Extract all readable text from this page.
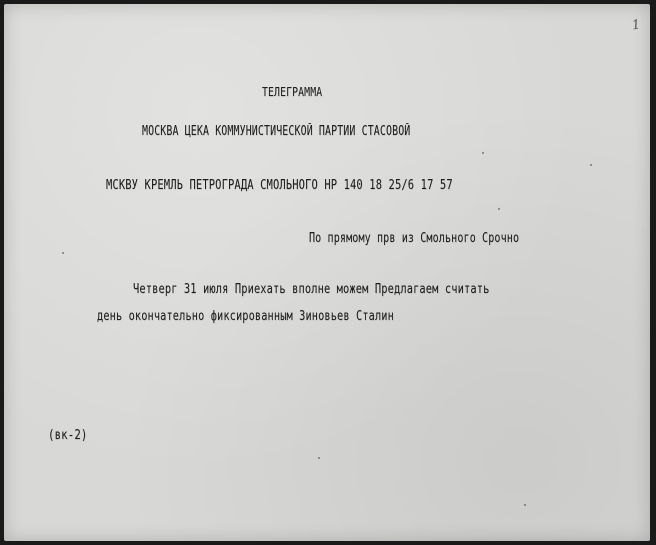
1
ТЕЛЕГРАММА
МОСКВА ЦЕКА КОММУНИСТИЧЕСКОЙ ПАРТИИ СТАСОВОЙ
МСКВУ КРЕМЛЬ ПЕТРОГРАДА СМОЛЬНОГО НР 140 18 25/6 17 57
По прямому прв из Смольного Срочно
Четверг 31 июля Приехать вполне можем Предлагаем считать
день окончательно фиксированным Зиновьев Сталин
(вк-2)
